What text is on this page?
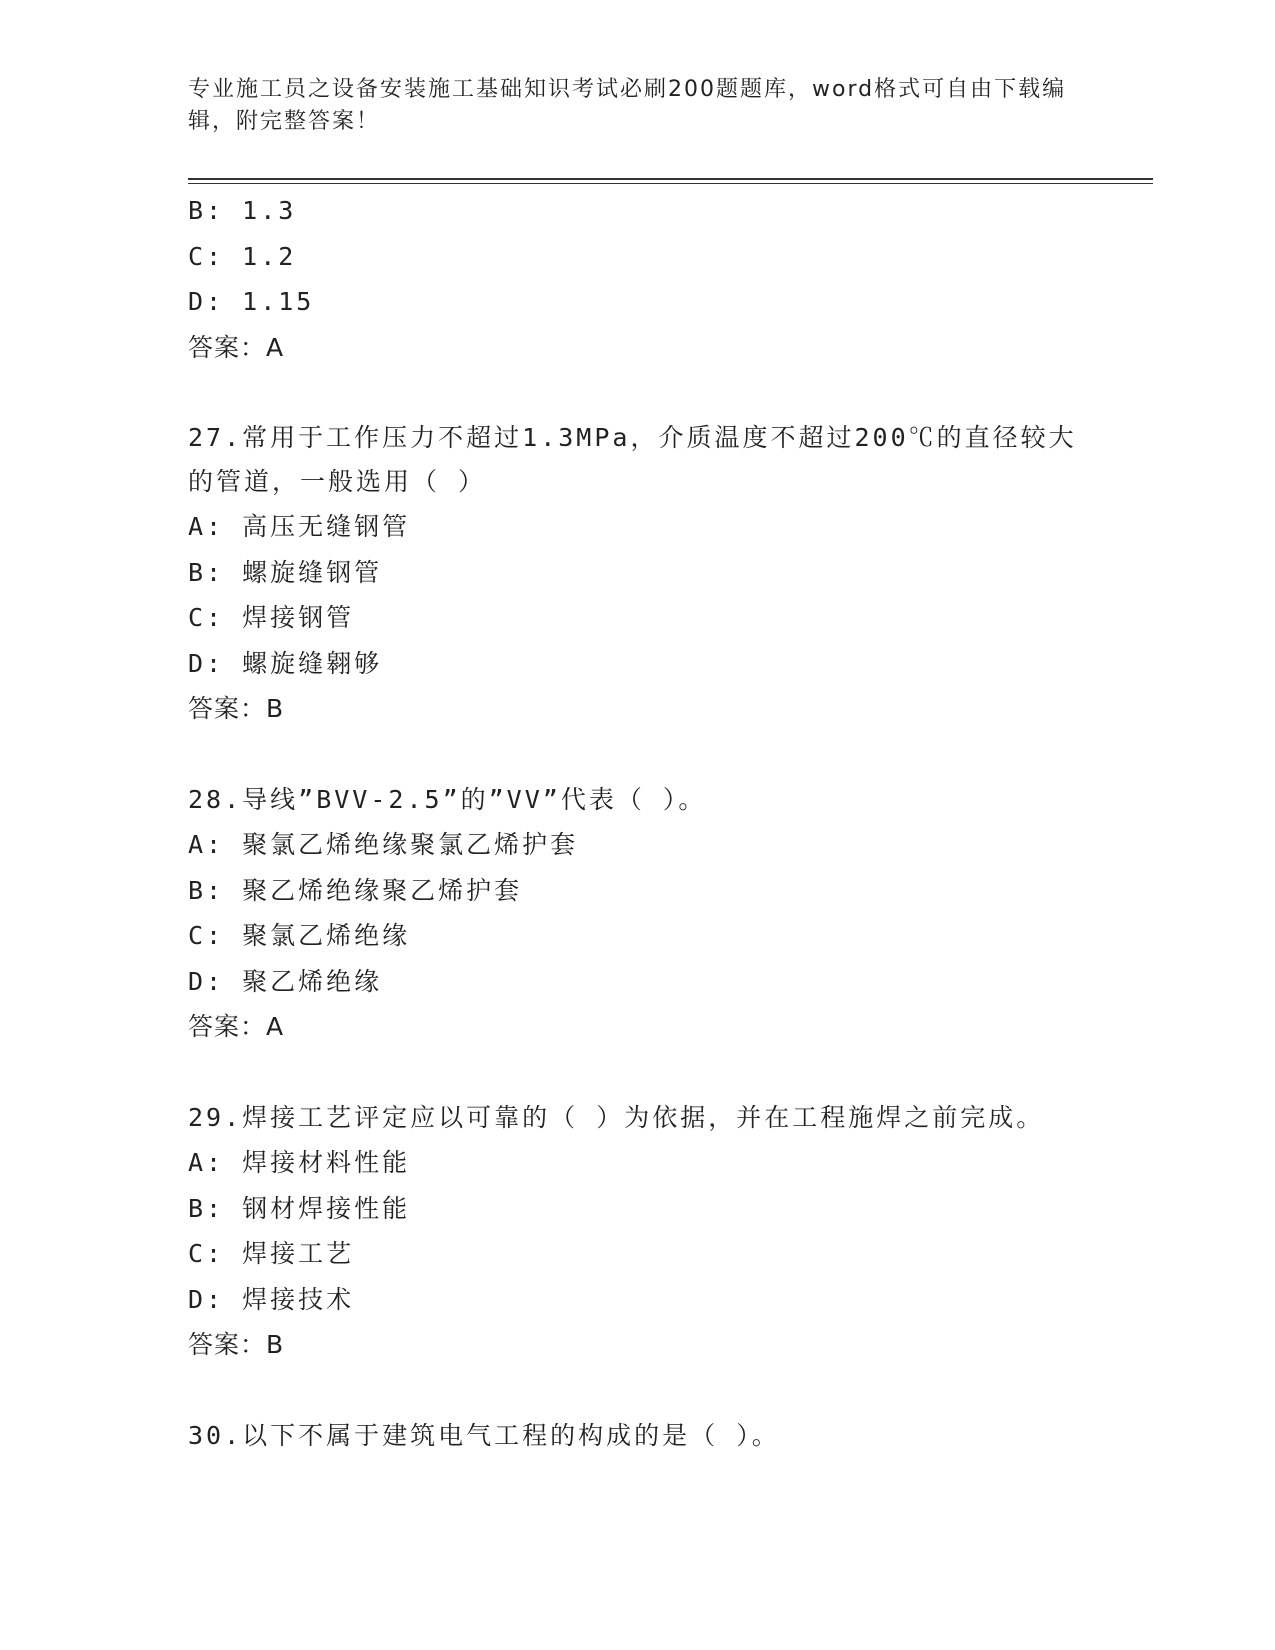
专业施工员之设备安装施工基础知识考试必刷200题题库，word格式可自由下载编辑，附完整答案！
B: 1.3
C: 1.2
D: 1.15
答案：A
27.常用于工作压力不超过1.3MPa，介质温度不超过200℃的直径较大的管道，一般选用（ ）
A: 高压无缝钢管
B: 螺旋缝钢管
C: 焊接钢管
D: 螺旋缝翱够
答案：B
28.导线”BVV-2.5”的”VV”代表（ ）。
A: 聚氯乙烯绝缘聚氯乙烯护套
B: 聚乙烯绝缘聚乙烯护套
C: 聚氯乙烯绝缘
D: 聚乙烯绝缘
答案：A
29.焊接工艺评定应以可靠的（ ）为依据，并在工程施焊之前完成。
A: 焊接材料性能
B: 钢材焊接性能
C: 焊接工艺
D: 焊接技术
答案：B
30.以下不属于建筑电气工程的构成的是（ ）。
